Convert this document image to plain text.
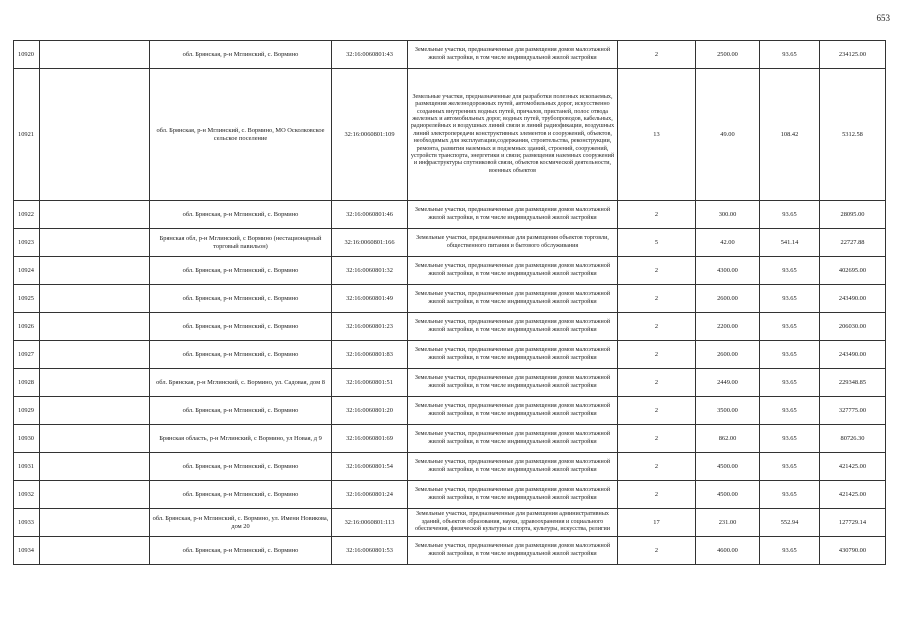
653
10920		обл. Брянская, р-н Мглинский, с. Вормино	32:16:0060801:43	Земельные участки, предназначенные для размещения домов малоэтажной жилой застройки, в том числе индивидуальной жилой застройки	2	2500.00	93.65	234125.00
10921		обл. Брянская, р-н Мглинский, с. Вормино, МО Осколковское сельское поселение	32:16:0060801:109	Земельные участки, предназначенные для разработки полезных ископаемых, размещения железнодорожных путей, автомобильных дорог, искусственно созданных внутренних водных путей, причалов, пристаней, полос отвода железных и автомобильных дорог, водных путей, трубопроводов, кабельных, радиорелейных и воздушных линий связи и линий радиофикации, воздушных линий электропередачи конструктивных элементов и сооружений, объектов, необходимых для эксплуатации,содержания, строительства, реконструкции, ремонта, развития наземных и подземных зданий, строений, сооружений, устройств транспорта, энергетики и связи; размещения наземных сооружений и инфраструктуры спутниковой связи, объектов космической деятельности, военных объектов	13	49.00	108.42	5312.58
10922		обл. Брянская, р-н Мглинский, с. Вормино	32:16:0060801:46	Земельные участки, предназначенные для размещения домов малоэтажной жилой застройки, в том числе индивидуальной жилой застройки	2	300.00	93.65	28095.00
10923		Брянская обл, р-н Мглинский, с Вормино (нестационарный торговый павильон)	32:16:0060801:166	Земельные участки, предназначенные для размещения объектов торговли, общественного питания и бытового обслуживания	5	42.00	541.14	22727.88
10924		обл. Брянская, р-н Мглинский, с. Вормино	32:16:0060801:32	Земельные участки, предназначенные для размещения домов малоэтажной жилой застройки, в том числе индивидуальной жилой застройки	2	4300.00	93.65	402695.00
10925		обл. Брянская, р-н Мглинский, с. Вормино	32:16:0060801:49	Земельные участки, предназначенные для размещения домов малоэтажной жилой застройки, в том числе индивидуальной жилой застройки	2	2600.00	93.65	243490.00
10926		обл. Брянская, р-н Мглинский, с. Вормино	32:16:0060801:23	Земельные участки, предназначенные для размещения домов малоэтажной жилой застройки, в том числе индивидуальной жилой застройки	2	2200.00	93.65	206030.00
10927		обл. Брянская, р-н Мглинский, с. Вормино	32:16:0060801:83	Земельные участки, предназначенные для размещения домов малоэтажной жилой застройки, в том числе индивидуальной жилой застройки	2	2600.00	93.65	243490.00
10928		обл. Брянская, р-н Мглинский, с. Вормино, ул. Садовая, дом 8	32:16:0060801:51	Земельные участки, предназначенные для размещения домов малоэтажной жилой застройки, в том числе индивидуальной жилой застройки	2	2449.00	93.65	229348.85
10929		обл. Брянская, р-н Мглинский, с. Вормино	32:16:0060801:20	Земельные участки, предназначенные для размещения домов малоэтажной жилой застройки, в том числе индивидуальной жилой застройки	2	3500.00	93.65	327775.00
10930		Брянская область, р-н Мглинский, с Вормино, ул Новая, д 9	32:16:0060801:69	Земельные участки, предназначенные для размещения домов малоэтажной жилой застройки, в том числе индивидуальной жилой застройки	2	862.00	93.65	80726.30
10931		обл. Брянская, р-н Мглинский, с. Вормино	32:16:0060801:54	Земельные участки, предназначенные для размещения домов малоэтажной жилой застройки, в том числе индивидуальной жилой застройки	2	4500.00	93.65	421425.00
10932		обл. Брянская, р-н Мглинский, с. Вормино	32:16:0060801:24	Земельные участки, предназначенные для размещения домов малоэтажной жилой застройки, в том числе индивидуальной жилой застройки	2	4500.00	93.65	421425.00
10933		обл. Брянская, р-н Мглинский, с. Вормино, ул. Имени Новикова, дом 20	32:16:0060801:113	Земельные участки, предназначенные для размещения административных зданий, объектов образования, науки, здравоохранения и социального обеспечения, физической культуры и спорта, культуры, искусства, религии	17	231.00	552.94	127729.14
10934		обл. Брянская, р-н Мглинский, с. Вормино	32:16:0060801:53	Земельные участки, предназначенные для размещения домов малоэтажной жилой застройки, в том числе индивидуальной жилой застройки	2	4600.00	93.65	430790.00
